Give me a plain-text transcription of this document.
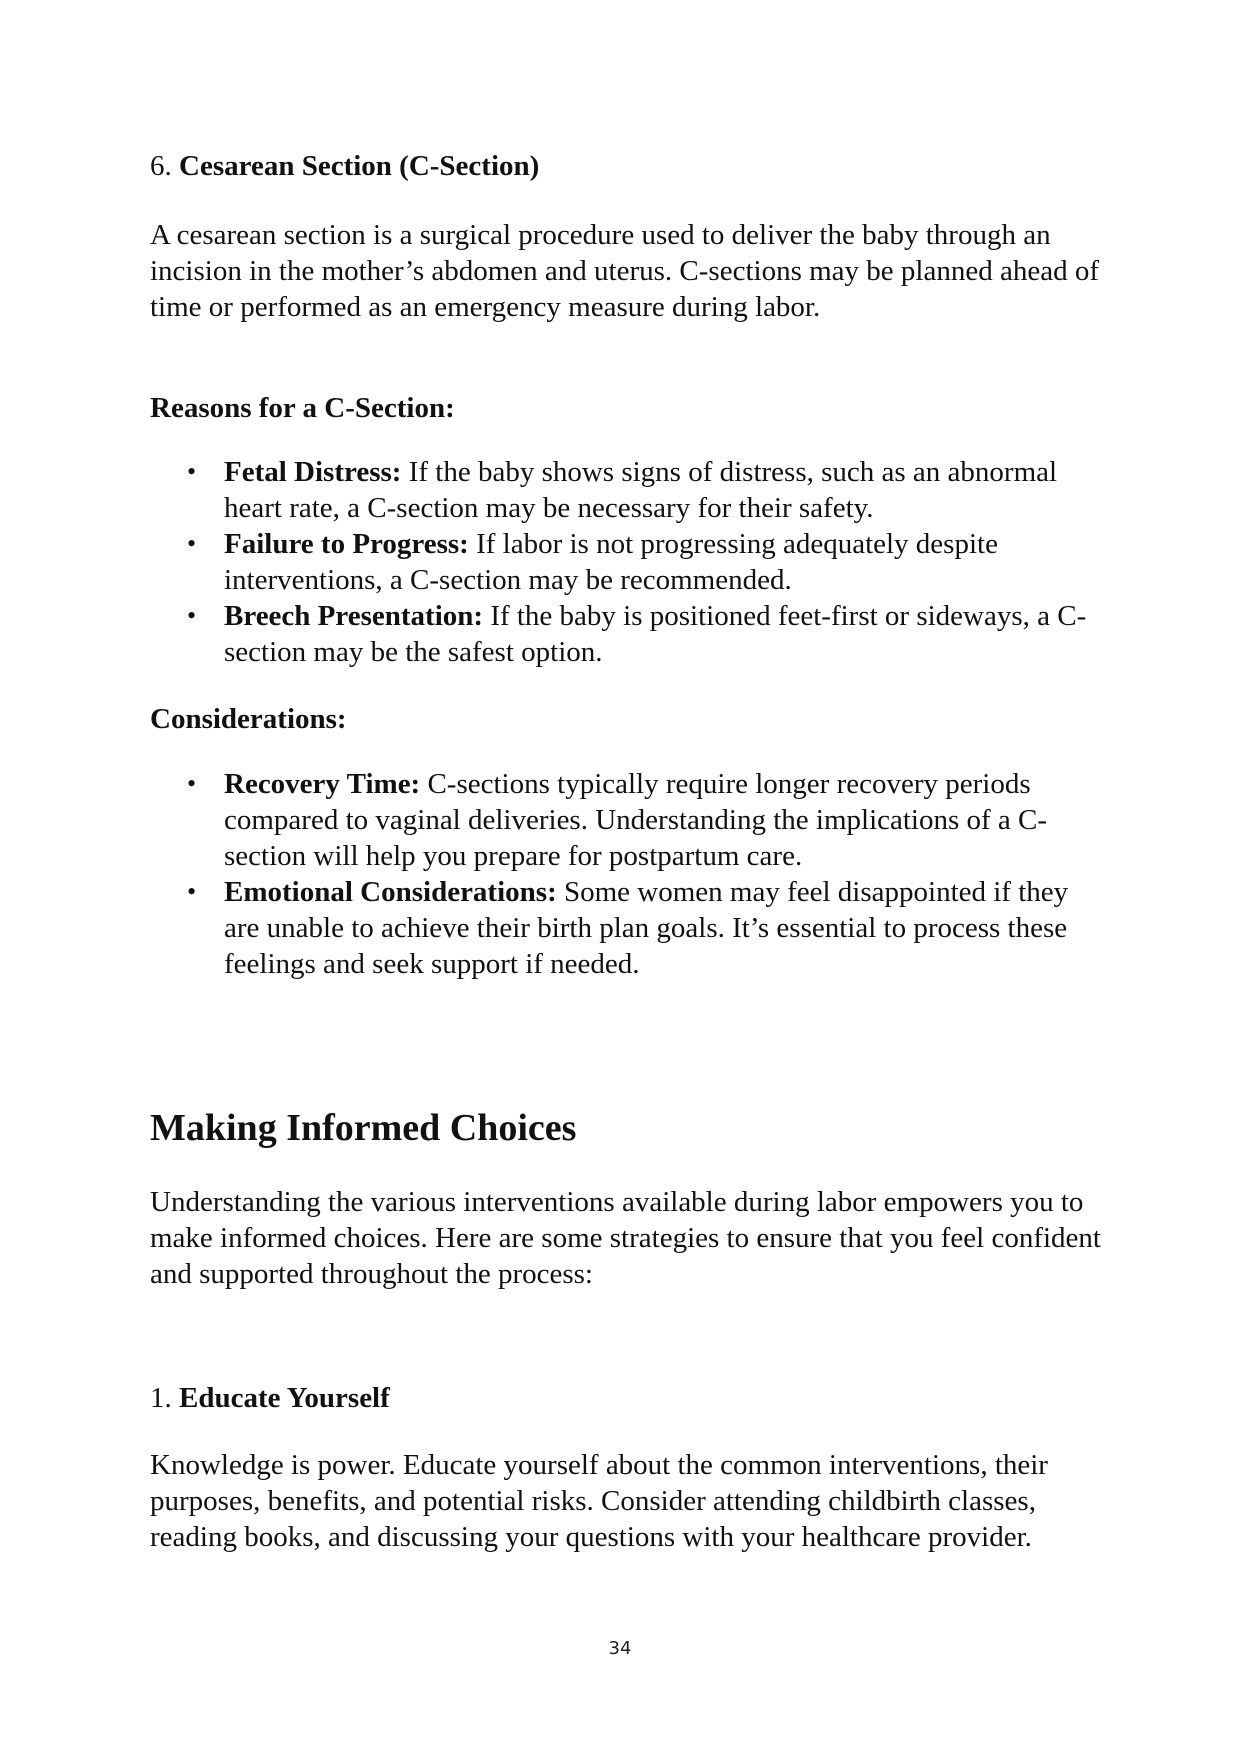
6. Cesarean Section (C-Section)
A cesarean section is a surgical procedure used to deliver the baby through an incision in the mother’s abdomen and uterus. C-sections may be planned ahead of time or performed as an emergency measure during labor.
Reasons for a C-Section:
• Fetal Distress: If the baby shows signs of distress, such as an abnormal heart rate, a C-section may be necessary for their safety.
• Failure to Progress: If labor is not progressing adequately despite interventions, a C-section may be recommended.
• Breech Presentation: If the baby is positioned feet-first or sideways, a C-section may be the safest option.
Considerations:
• Recovery Time: C-sections typically require longer recovery periods compared to vaginal deliveries. Understanding the implications of a C-section will help you prepare for postpartum care.
• Emotional Considerations: Some women may feel disappointed if they are unable to achieve their birth plan goals. It’s essential to process these feelings and seek support if needed.
Making Informed Choices
Understanding the various interventions available during labor empowers you to make informed choices. Here are some strategies to ensure that you feel confident and supported throughout the process:
1. Educate Yourself
Knowledge is power. Educate yourself about the common interventions, their purposes, benefits, and potential risks. Consider attending childbirth classes, reading books, and discussing your questions with your healthcare provider.
34
